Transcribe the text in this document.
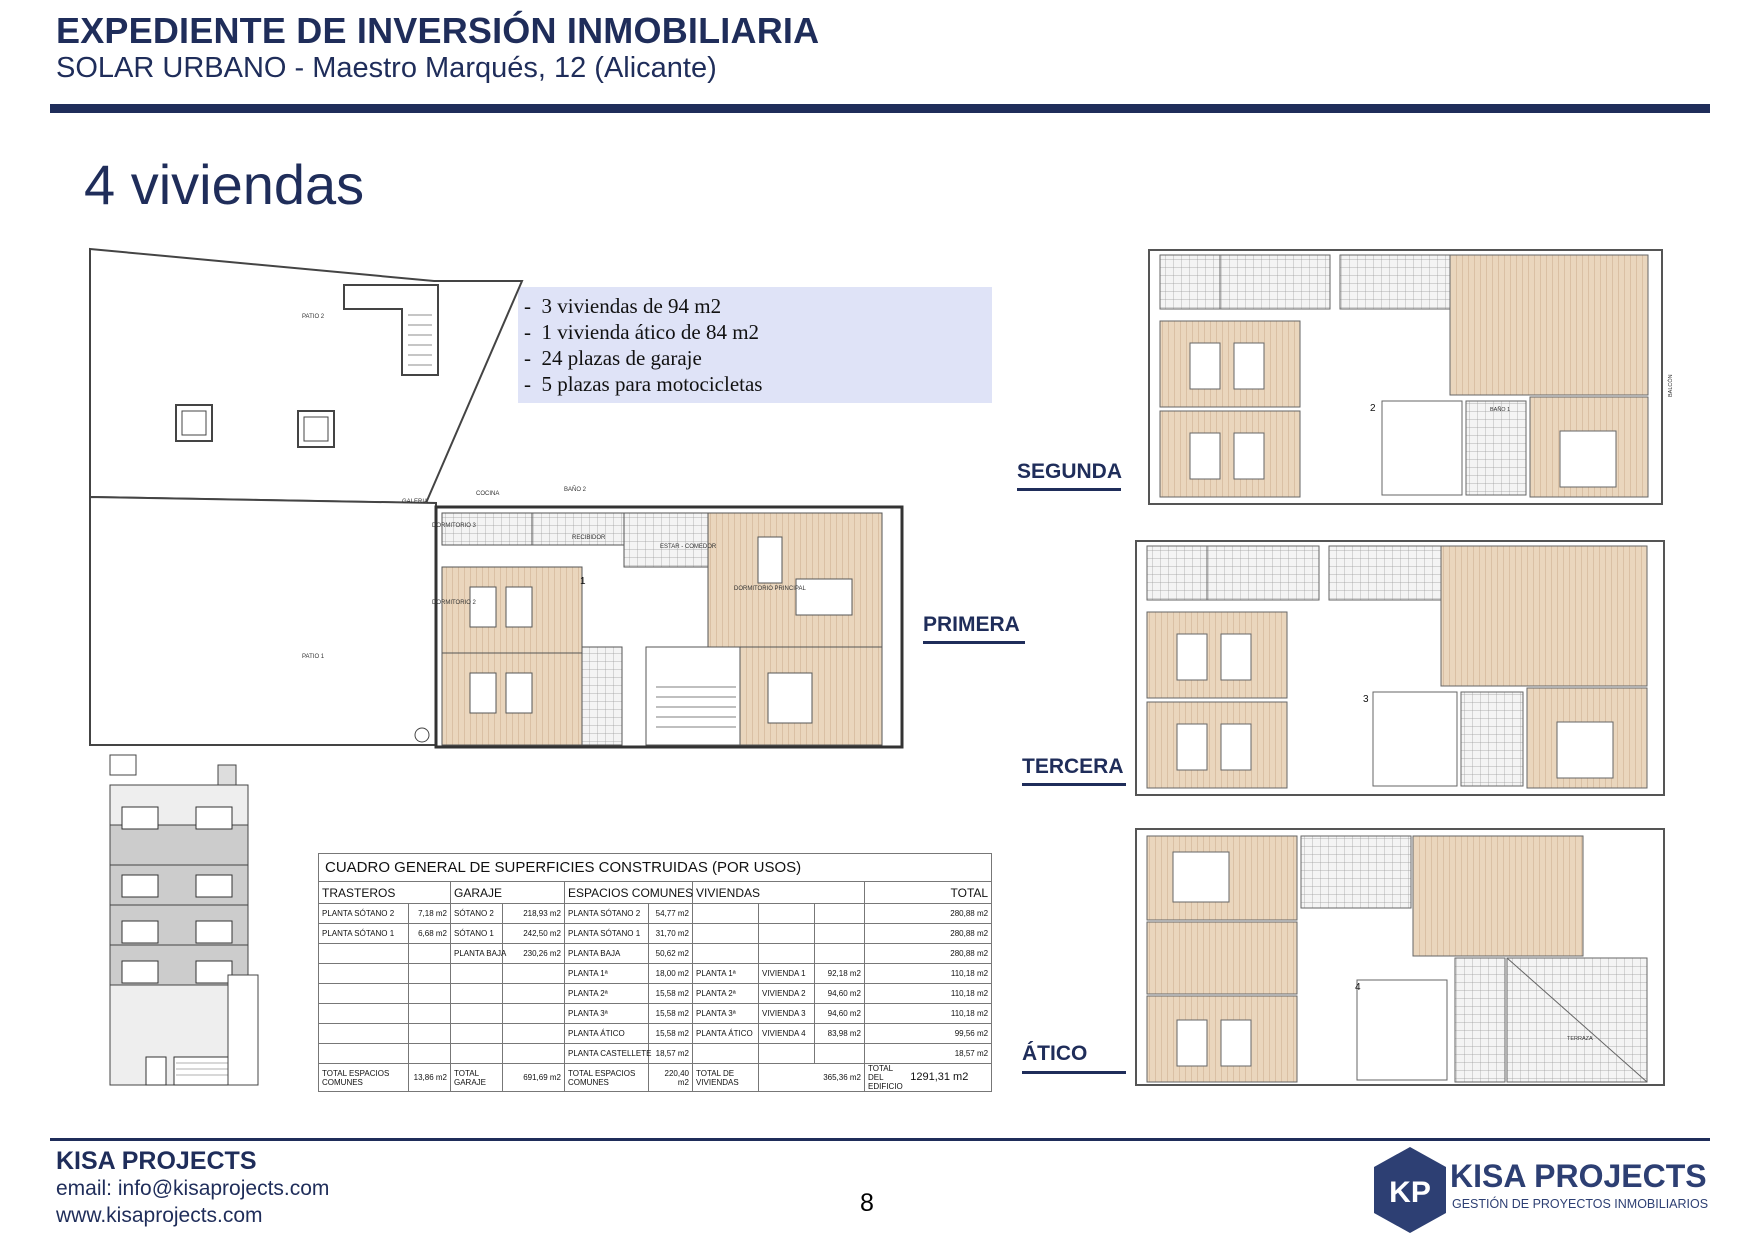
EXPEDIENTE DE INVERSIÓN INMOBILIARIA
SOLAR URBANO - Maestro Marqués, 12 (Alicante)
4 viviendas
-  3 viviendas de 94 m2
-  1 vivienda ático de 84 m2
-  24 plazas de garaje
-  5 plazas para motocicletas
PATIO 2
PATIO 1
GALERIA
COCINA
BAÑO 2
DORMITORIO 3
DORMITORIO 2
RECIBIDOR
ESTAR - COMEDOR
DORMITORIO PRINCIPAL
1
BALCÓN
2	BAÑO 1
SEGUNDA
3
TERCERA
4
TERRAZA
ÁTICO
PRIMERA
CUADRO GENERAL DE SUPERFICIES CONSTRUIDAS (POR USOS)									
TRASTEROS		GARAJE		ESPACIOS COMUNES		VIVIENDAS			TOTAL
PLANTA SÓTANO 2	7,18 m2	SÓTANO 2	218,93 m2	PLANTA SÓTANO 2	54,77 m2				280,88 m2
PLANTA SÓTANO 1	6,68 m2	SÓTANO 1	242,50 m2	PLANTA SÓTANO 1	31,70 m2				280,88 m2
		PLANTA BAJA	230,26 m2	PLANTA BAJA	50,62 m2				280,88 m2
				PLANTA 1ª	18,00 m2	PLANTA 1ª	VIVIENDA 1	92,18 m2	110,18 m2
				PLANTA 2ª	15,58 m2	PLANTA 2ª	VIVIENDA 2	94,60 m2	110,18 m2
				PLANTA 3ª	15,58 m2	PLANTA 3ª	VIVIENDA 3	94,60 m2	110,18 m2
				PLANTA ÁTICO	15,58 m2	PLANTA ÁTICO	VIVIENDA 4	83,98 m2	99,56 m2
				PLANTA CASTELLETE	18,57 m2				18,57 m2
TOTAL ESPACIOS COMUNES	13,86 m2	TOTAL GARAJE	691,69 m2	TOTAL ESPACIOS COMUNES	220,40 m2	TOTAL DE VIVIENDAS	365,36 m2		TOTAL DEL EDIFICIO 1291,31 m2
KISA PROJECTS
email: info@kisaprojects.com
www.kisaprojects.com	8	KP KISA PROJECTS
GESTIÓN DE PROYECTOS INMOBILIARIOS
